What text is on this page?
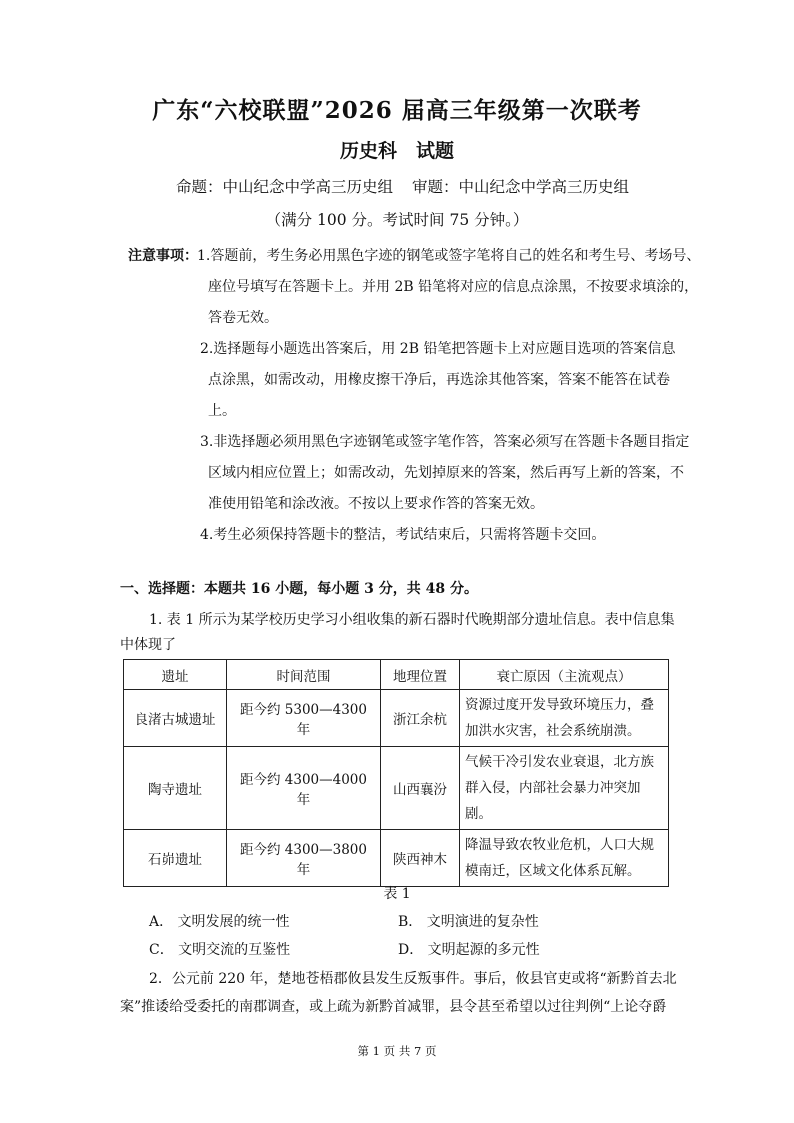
广东“六校联盟”2026 届高三年级第一次联考
历史科　试题
命题：中山纪念中学高三历史组 审题：中山纪念中学高三历史组
（满分 100 分。考试时间 75 分钟。）
注意事项： 1.答题前，考生务必用黑色字迹的钢笔或签字笔将自己的姓名和考生号、考场号、
座位号填写在答题卡上。并用 2B 铅笔将对应的信息点涂黑，不按要求填涂的，
答卷无效。
2.选择题每小题选出答案后，用 2B 铅笔把答题卡上对应题目选项的答案信息
点涂黑，如需改动，用橡皮擦干净后，再选涂其他答案，答案不能答在试卷
上。
3.非选择题必须用黑色字迹钢笔或签字笔作答，答案必须写在答题卡各题目指定
区域内相应位置上；如需改动，先划掉原来的答案，然后再写上新的答案，不
准使用铅笔和涂改液。不按以上要求作答的答案无效。
4.考生必须保持答题卡的整洁，考试结束后，只需将答题卡交回。
一、选择题：本题共 16 小题，每小题 3 分，共 48 分。
1. 表 1 所示为某学校历史学习小组收集的新石器时代晚期部分遗址信息。表中信息集
中体现了
遗址	时间范围	地理位置	衰亡原因（主流观点）
良渚古城遗址	距今约 5300—4300 年	浙江余杭	资源过度开发导致环境压力，叠
加洪水灾害，社会系统崩溃。

陶寺遗址	距今约 4300—4000 年	山西襄汾	气候干冷引发农业衰退，北方族
群入侵，内部社会暴力冲突加
剧。

石峁遗址	距今约 4300—3800 年	陕西神木	降温导致农牧业危机，人口大规
模南迁，区域文化体系瓦解。
表 1
A． 文明发展的统一性	B． 文明演进的复杂性
C． 文明交流的互鉴性	D． 文明起源的多元性
2．公元前 220 年，楚地苍梧郡攸县发生反叛事件。事后，攸县官吏或将“新黔首去北
案”推诿给受委托的南郡调查，或上疏为新黔首减罪，县令甚至希望以过往判例“上论夺爵
第 1 页 共 7 页
